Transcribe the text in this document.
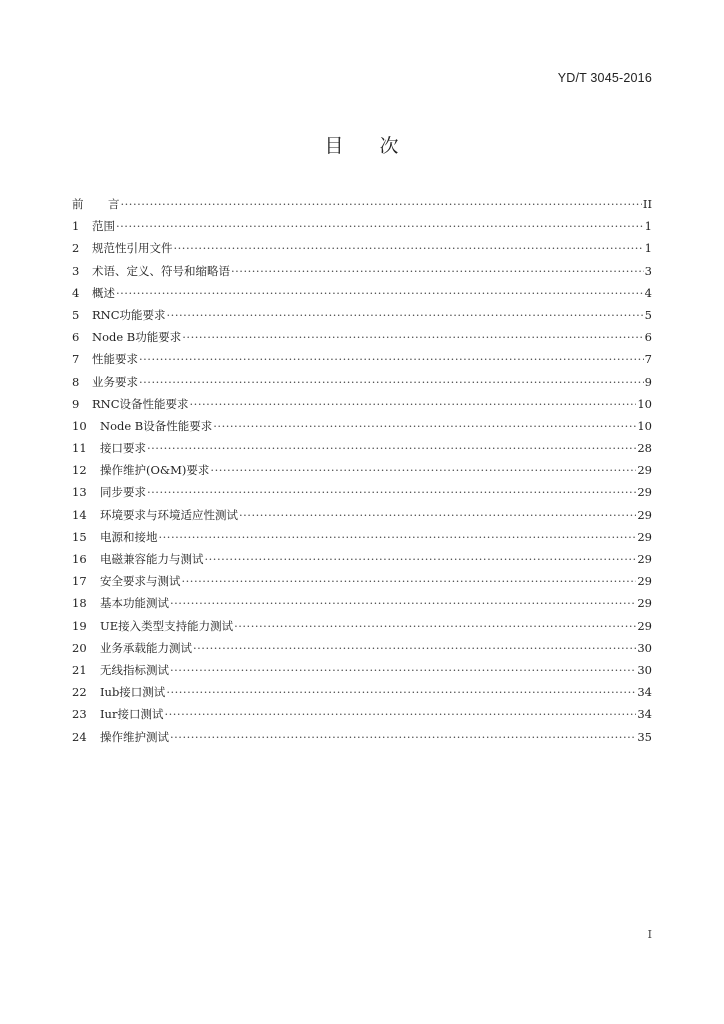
YD/T 3045-2016
目 次
前	言 ·····	II
1	范围 ·····	1
2	规范性引用文件 ·····	1
3	术语、定义、符号和缩略语 ·····	3
4	概述 ·····	4
5	RNC功能要求 ·····	5
6	Node B功能要求 ·····	6
7	性能要求 ·····	7
8	业务要求 ·····	9
9	RNC设备性能要求 ·····	10
10	Node B设备性能要求 ·····	10
11	接口要求 ·····	28
12	操作维护(O&M)要求 ·····	29
13	同步要求 ·····	29
14	环境要求与环境适应性测试 ·····	29
15	电源和接地 ·····	29
16	电磁兼容能力与测试 ·····	29
17	安全要求与测试 ·····	29
18	基本功能测试 ·····	29
19	UE接入类型支持能力测试 ·····	29
20	业务承载能力测试 ·····	30
21	无线指标测试 ·····	30
22	Iub接口测试 ·····	34
23	Iur接口测试 ·····	34
24	操作维护测试 ·····	35
I
